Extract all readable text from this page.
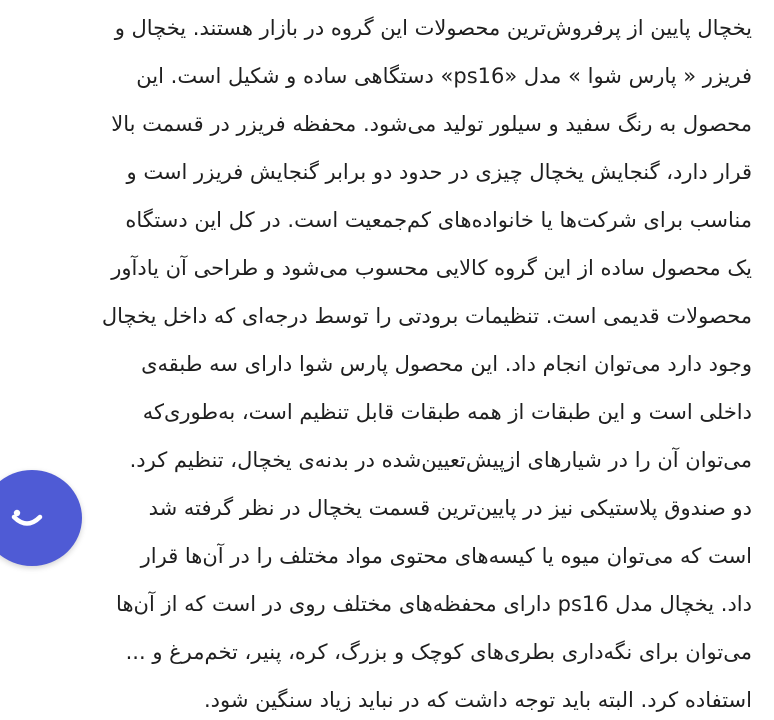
یخچال پایین از پرفروش‌ترین محصولات این گروه در بازار هستند. یخچال و
فریزر « پارس شوا » مدل «ps16» دستگاهی ساده و شکیل است. این
محصول به رنگ سفید و سیلور تولید می‌شود. محفظه فریزر در قسمت بالا
قرار دارد، گنجایش یخچال چیزی در حدود دو برابر گنجایش فریزر است و
مناسب برای شرکت‌ها یا خانواده‌های کم‌جمعیت است. در کل این دستگاه
یک محصول ساده از این گروه کالایی محسوب می‌شود و طراحی آن یادآور
محصولات قدیمی است. تنظیمات برودتی را توسط درجه‌ای که داخل یخچال
وجود دارد می‌توان انجام داد. این محصول پارس شوا دارای سه طبقه‌ی
داخلی است و این طبقات از همه طبقات قابل تنظیم است، به‌طوری‌که
می‌توان آن را در شیارهای ازپیش‌تعیین‌شده در بدنه‌ی یخچال، تنظیم کرد.
دو صندوق پلاستیکی نیز در پایین‌ترین قسمت یخچال در نظر گرفته شد
است که می‌توان میوه یا کیسه‌های محتوی مواد مختلف را در آن‌ها قرار
داد. یخچال مدل ps16 دارای محفظه‌های مختلف روی در است که از آن‌ها
می‌توان برای نگه‌داری بطری‌های کوچک و بزرگ، کره، پنیر، تخم‌مرغ و ...
استفاده کرد. البته باید توجه داشت که در نباید زیاد سنگین شود.
